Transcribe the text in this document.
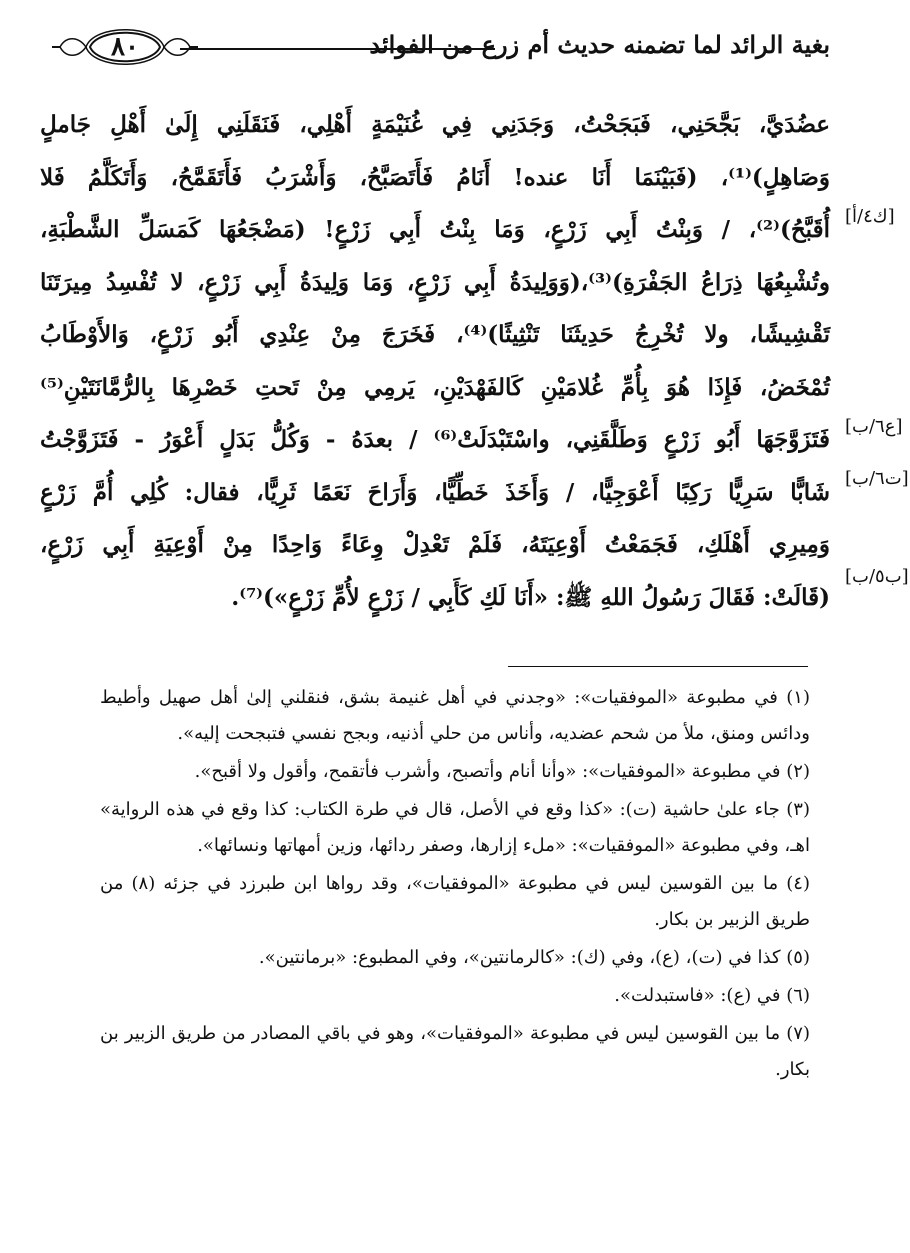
بغية الرائد لما تضمنه حديث أم زرع من الفوائد
٨٠
عضُدَيَّ، بَجَّحَنِي، فَبَجَحْتُ، وَجَدَنِي فِي غُنَيْمَةٍ أَهْلِي، فَنَقَلَنِي إِلَىٰ أَهْلِ جَاملٍ
وَصَاهِلٍ)⁽¹⁾، (فَبَيْنَمَا أَنَا عنده! أَنَامُ فَأَتَصَبَّحُ، وَأَشْرَبُ فَأَتَقَمَّحُ، وَأَتَكَلَّمُ فَلا
أُقَبَّحُ)⁽²⁾، / وَبِنْتُ أَبِي زَرْعٍ، وَمَا بِنْتُ أَبِي زَرْعٍ! (مَضْجَعُهَا كَمَسَلِّ الشَّطْبَةِ،
وتُشْبِعُهَا ذِرَاعُ الجَفْرَةِ)⁽³⁾،(وَوَلِيدَةُ أَبِي زَرْعٍ، وَمَا وَلِيدَةُ أَبِي زَرْعٍ، لا تُفْسِدُ مِيرَتَنَا
تَقْشِيشًا، ولا تُخْرِجُ حَدِيثَنَا تَنْثِيثًا)⁽⁴⁾، فَخَرَجَ مِنْ عِنْدِي أَبُو زَرْعٍ، وَالأَوْطَابُ
تُمْخَضُ، فَإِذَا هُوَ بِأُمِّ غُلامَيْنِ كَالفَهْدَيْنِ، يَرمِي مِنْ تَحتِ خَصْرِهَا بِالرُّمَّانَتَيْنِ⁽⁵⁾
فَتَزَوَّجَهَا أَبُو زَرْعٍ وَطَلَّقَنِي، واسْتَبْدَلَتْ⁽⁶⁾ / بعدَهُ - وَكُلُّ بَدَلٍ أَعْوَرُ - فَتَزَوَّجْتُ
شَابًّا سَرِيًّا رَكِبًا أَعْوَجِيًّا، / وَأَخَذَ خَطِّيًّا، وَأَرَاحَ نَعَمًا ثَرِيًّا، فقال: كُلِي أُمَّ زَرْعٍ
وَمِيرِي أَهْلَكِ، فَجَمَعْتُ أَوْعِيَتَهُ، فَلَمْ تَعْدِلْ وِعَاءً وَاحِدًا مِنْ أَوْعِيَةِ أَبِي زَرْعٍ،
(قَالَتْ: فَقَالَ رَسُولُ اللهِ ﷺ: «أَنَا لَكِ كَأَبِي / زَرْعٍ لأُمِّ زَرْعٍ»)⁽⁷⁾.
[ك٤/أ]
[ع٦/ب]
[ت٦/ب]
[ب٥/ب]

(١) في مطبوعة «الموفقيات»: «وجدني في أهل غنيمة بشق، فنقلني إلىٰ أهل صهيل وأطيط ودائس ومنق، ملأ من شحم عضديه، وأناس من حلي أذنيه، وبجح نفسي فتبجحت إليه».

(٢) في مطبوعة «الموفقيات»: «وأنا أنام وأتصبح، وأشرب فأتقمح، وأقول ولا أقبح».

(٣) جاء علىٰ حاشية (ت): «كذا وقع في الأصل، قال في طرة الكتاب: كذا وقع في هذه الرواية» اهـ، وفي مطبوعة «الموفقيات»: «ملء إزارها، وصفر ردائها، وزين أمهاتها ونسائها».

(٤) ما بين القوسين ليس في مطبوعة «الموفقيات»، وقد رواها ابن طبرزد في جزئه (٨) من طريق الزبير بن بكار.

(٥) كذا في (ت)، (ع)، وفي (ك): «كالرمانتين»، وفي المطبوع: «برمانتين».

(٦) في (ع): «فاستبدلت».

(٧) ما بين القوسين ليس في مطبوعة «الموفقيات»، وهو في باقي المصادر من طريق الزبير بن بكار.
